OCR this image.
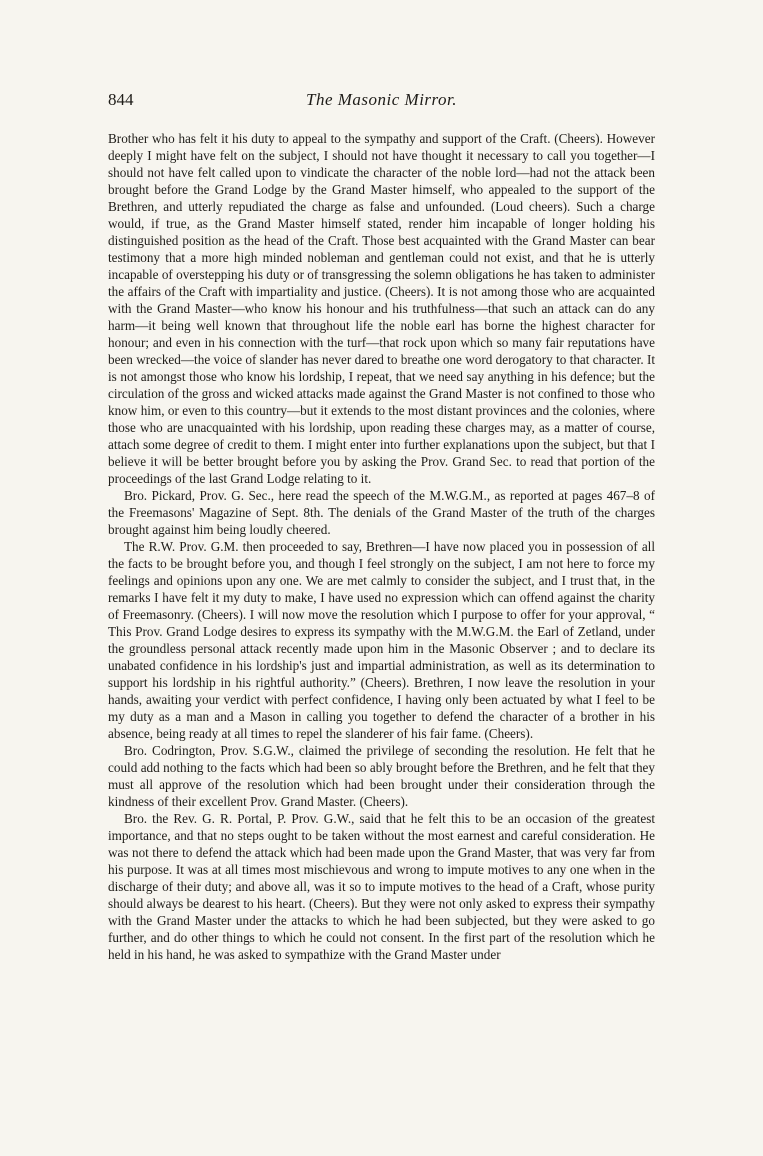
844	The Masonic Mirror.

Brother who has felt it his duty to appeal to the sympathy and support of the Craft. (Cheers). However deeply I might have felt on the subject, I should not have thought it necessary to call you together—I should not have felt called upon to vindicate the character of the noble lord—had not the attack been brought before the Grand Lodge by the Grand Master himself, who appealed to the support of the Brethren, and utterly repudiated the charge as false and unfounded. (Loud cheers). Such a charge would, if true, as the Grand Master himself stated, render him incapable of longer holding his distinguished position as the head of the Craft. Those best acquainted with the Grand Master can bear testimony that a more high minded nobleman and gentleman could not exist, and that he is utterly incapable of overstepping his duty or of transgressing the solemn obligations he has taken to administer the affairs of the Craft with impartiality and justice. (Cheers). It is not among those who are acquainted with the Grand Master—who know his honour and his truthfulness—that such an attack can do any harm—it being well known that throughout life the noble earl has borne the highest character for honour; and even in his connection with the turf—that rock upon which so many fair reputations have been wrecked—the voice of slander has never dared to breathe one word derogatory to that character. It is not amongst those who know his lordship, I repeat, that we need say anything in his defence; but the circulation of the gross and wicked attacks made against the Grand Master is not confined to those who know him, or even to this country—but it extends to the most distant provinces and the colonies, where those who are unacquainted with his lordship, upon reading these charges may, as a matter of course, attach some degree of credit to them. I might enter into further explanations upon the subject, but that I believe it will be better brought before you by asking the Prov. Grand Sec. to read that portion of the proceedings of the last Grand Lodge relating to it.

Bro. Pickard, Prov. G. Sec., here read the speech of the M.W.G.M., as reported at pages 467–8 of the Freemasons' Magazine of Sept. 8th. The denials of the Grand Master of the truth of the charges brought against him being loudly cheered.

The R.W. Prov. G.M. then proceeded to say, Brethren—I have now placed you in possession of all the facts to be brought before you, and though I feel strongly on the subject, I am not here to force my feelings and opinions upon any one. We are met calmly to consider the subject, and I trust that, in the remarks I have felt it my duty to make, I have used no expression which can offend against the charity of Freemasonry. (Cheers). I will now move the resolution which I purpose to offer for your approval, “ This Prov. Grand Lodge desires to express its sympathy with the M.W.G.M. the Earl of Zetland, under the groundless personal attack recently made upon him in the Masonic Observer ; and to declare its unabated confidence in his lordship's just and impartial administration, as well as its determination to support his lordship in his rightful authority.” (Cheers). Brethren, I now leave the resolution in your hands, awaiting your verdict with perfect confidence, I having only been actuated by what I feel to be my duty as a man and a Mason in calling you together to defend the character of a brother in his absence, being ready at all times to repel the slanderer of his fair fame. (Cheers).

Bro. Codrington, Prov. S.G.W., claimed the privilege of seconding the resolution. He felt that he could add nothing to the facts which had been so ably brought before the Brethren, and he felt that they must all approve of the resolution which had been brought under their consideration through the kindness of their excellent Prov. Grand Master. (Cheers).

Bro. the Rev. G. R. Portal, P. Prov. G.W., said that he felt this to be an occasion of the greatest importance, and that no steps ought to be taken without the most earnest and careful consideration. He was not there to defend the attack which had been made upon the Grand Master, that was very far from his purpose. It was at all times most mischievous and wrong to impute motives to any one when in the discharge of their duty; and above all, was it so to impute motives to the head of a Craft, whose purity should always be dearest to his heart. (Cheers). But they were not only asked to express their sympathy with the Grand Master under the attacks to which he had been subjected, but they were asked to go further, and do other things to which he could not consent. In the first part of the resolution which he held in his hand, he was asked to sympathize with the Grand Master under
